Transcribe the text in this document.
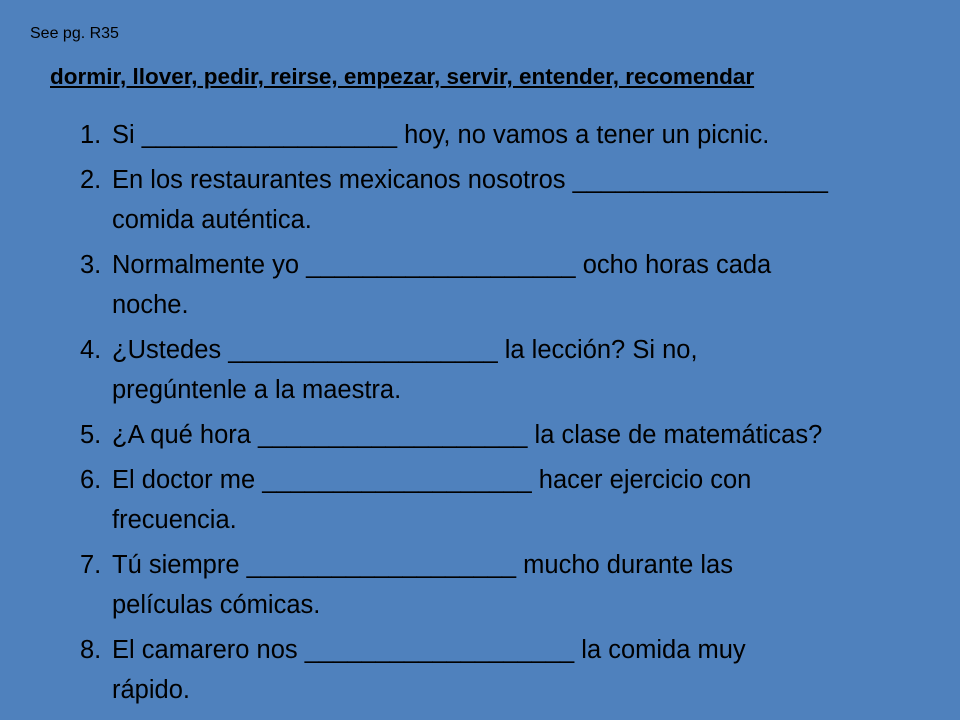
See pg. R35
dormir, llover, pedir, reirse, empezar, servir, entender, recomendar
1. Si __________________ hoy, no vamos a tener un picnic.
2. En los restaurantes mexicanos nosotros __________________
comida auténtica.
3. Normalmente yo ___________________ ocho horas cada
noche.
4. ¿Ustedes ___________________ la lección? Si no,
pregúntenle a la maestra.
5. ¿A qué hora ___________________ la clase de matemáticas?
6. El doctor me ___________________ hacer ejercicio con
frecuencia.
7. Tú siempre ___________________ mucho durante las
películas cómicas.
8. El camarero nos ___________________ la comida muy
rápido.
